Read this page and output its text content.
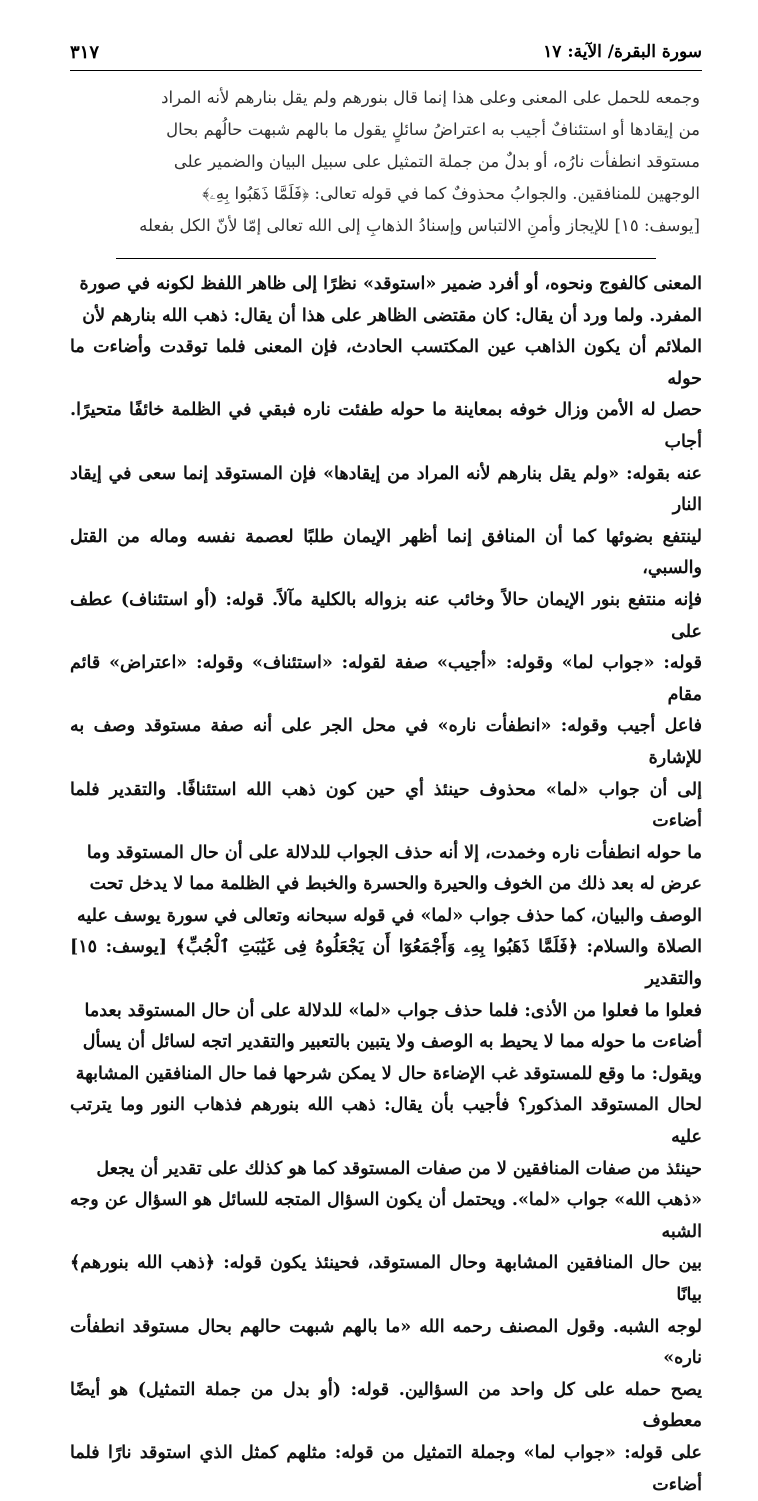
سورة البقرة/ الآية: ١٧
٣١٧

وجمعه للحمل على المعنى وعلى هذا إنما قال بنورهم ولم يقل بنارهم لأنه المراد

من إيقادها أو استئنافٌ أجيب به اعتراضُ سائلٍ يقول ما بالهم شبهت حالُهم بحال

مستوقد انطفأت نارُه، أو بدلٌ من جملة التمثيل على سبيل البيان والضمير على

الوجهين للمنافقين. والجوابُ محذوفٌ كما في قوله تعالى: ﴿فَلَمَّا ذَهَبُوا بِهِۦ﴾

[يوسف: ١٥] للإيجاز وأمنِ الالتباس وإسنادُ الذهابِ إلى الله تعالى إمّا لأنّ الكل بفعله

المعنى كالفوج ونحوه، أو أفرد ضمير «استوقد» نظرًا إلى ظاهر اللفظ لكونه في صورة

المفرد. ولما ورد أن يقال: كان مقتضى الظاهر على هذا أن يقال: ذهب الله بنارهم لأن

الملائم أن يكون الذاهب عين المكتسب الحادث، فإن المعنى فلما توقدت وأضاءت ما حوله

حصل له الأمن وزال خوفه بمعاينة ما حوله طفئت ناره فبقي في الظلمة خائفًا متحيرًا. أجاب

عنه بقوله: «ولم يقل بنارهم لأنه المراد من إيقادها» فإن المستوقد إنما سعى في إيقاد النار

لينتفع بضوئها كما أن المنافق إنما أظهر الإيمان طلبًا لعصمة نفسه وماله من القتل والسبي،

فإنه منتفع بنور الإيمان حالاً وخائب عنه بزواله بالكلية مآلاً. قوله: (أو استئناف) عطف على

قوله: «جواب لما» وقوله: «أجيب» صفة لقوله: «استئناف» وقوله: «اعتراض» قائم مقام

فاعل أجيب وقوله: «انطفأت ناره» في محل الجر على أنه صفة مستوقد وصف به للإشارة

إلى أن جواب «لما» محذوف حينئذ أي حين كون ذهب الله استئنافًا. والتقدير فلما أضاءت

ما حوله انطفأت ناره وخمدت، إلا أنه حذف الجواب للدلالة على أن حال المستوقد وما

عرض له بعد ذلك من الخوف والحيرة والحسرة والخبط في الظلمة مما لا يدخل تحت

الوصف والبيان، كما حذف جواب «لما» في قوله سبحانه وتعالى في سورة يوسف عليه

الصلاة والسلام: ﴿فَلَمَّا ذَهَبُوا بِهِۦ وَأَجْمَعُوٓا أَن يَجْعَلُوهُ فِى غَيَٰبَتِ ٱلْجُبِّ﴾ [يوسف: ١٥] والتقدير

فعلوا ما فعلوا من الأذى: فلما حذف جواب «لما» للدلالة على أن حال المستوقد بعدما

أضاءت ما حوله مما لا يحيط به الوصف ولا يتبين بالتعبير والتقدير اتجه لسائل أن يسأل

ويقول: ما وقع للمستوقد غب الإضاءة حال لا يمكن شرحها فما حال المنافقين المشابهة

لحال المستوقد المذكور؟ فأجيب بأن يقال: ذهب الله بنورهم فذهاب النور وما يترتب عليه

حينئذ من صفات المنافقين لا من صفات المستوقد كما هو كذلك على تقدير أن يجعل

«ذهب الله» جواب «لما». ويحتمل أن يكون السؤال المتجه للسائل هو السؤال عن وجه الشبه

بين حال المنافقين المشابهة وحال المستوقد، فحينئذ يكون قوله: ﴿ذهب الله بنورهم﴾ بيانًا

لوجه الشبه. وقول المصنف رحمه الله «ما بالهم شبهت حالهم بحال مستوقد انطفأت ناره»

يصح حمله على كل واحد من السؤالين. قوله: (أو بدل من جملة التمثيل) هو أيضًا معطوف

على قوله: «جواب لما» وجملة التمثيل من قوله: مثلهم كمثل الذي استوقد نارًا فلما أضاءت
